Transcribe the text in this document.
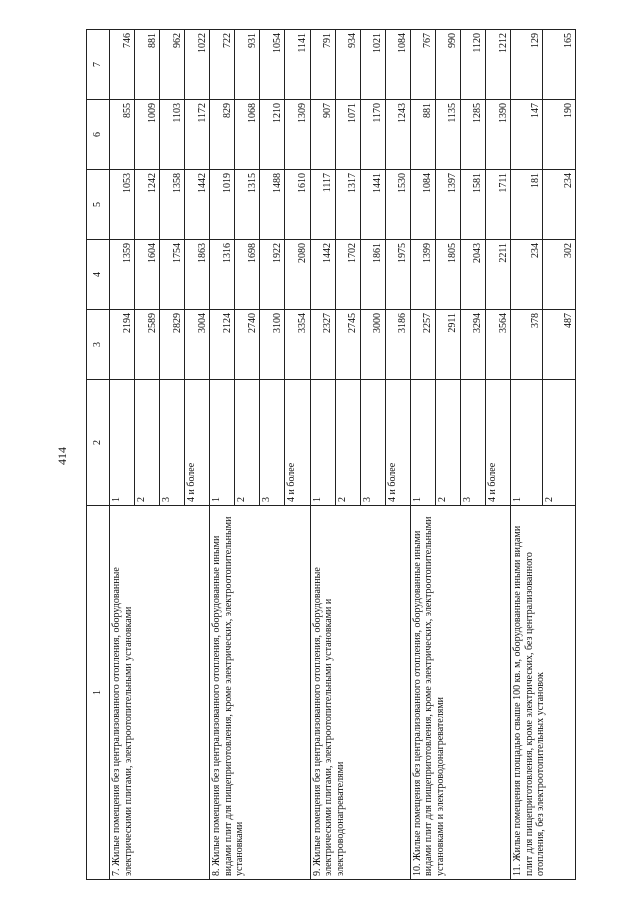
414
1	2	3	4	5	6	7
7. Жилые помещения без централизованного отопления, оборудованные электрическими плитами, электроотопительными установками	1	2194	1359	1053	855	746
	2	2589	1604	1242	1009	881
	3	2829	1754	1358	1103	962
	4 и более	3004	1863	1442	1172	1022
8. Жилые помещения без централизованного отопления, оборудованные иными видами плит для пищеприготовления, кроме электрических, электроотопительными установками	1	2124	1316	1019	829	722
	2	2740	1698	1315	1068	931
	3	3100	1922	1488	1210	1054
	4 и более	3354	2080	1610	1309	1141
9. Жилые помещения без централизованного отопления, оборудованные электрическими плитами, электроотопительными установками и электроводонагревателями	1	2327	1442	1117	907	791
	2	2745	1702	1317	1071	934
	3	3000	1861	1441	1170	1021
	4 и более	3186	1975	1530	1243	1084
10. Жилые помещения без централизованного отопления, оборудованные иными видами плит для пищеприготовления, кроме электрических, электроотопительными установками и электроводонагревателями	1	2257	1399	1084	881	767
	2	2911	1805	1397	1135	990
	3	3294	2043	1581	1285	1120
	4 и более	3564	2211	1711	1390	1212
11. Жилые помещения площадью свыше 100 кв. м, оборудованные иными видами плит для пищеприготовления, кроме электрических, без централизованного отопления, без электроотопительных установок	1	378	234	181	147	129
	2	487	302	234	190	165
